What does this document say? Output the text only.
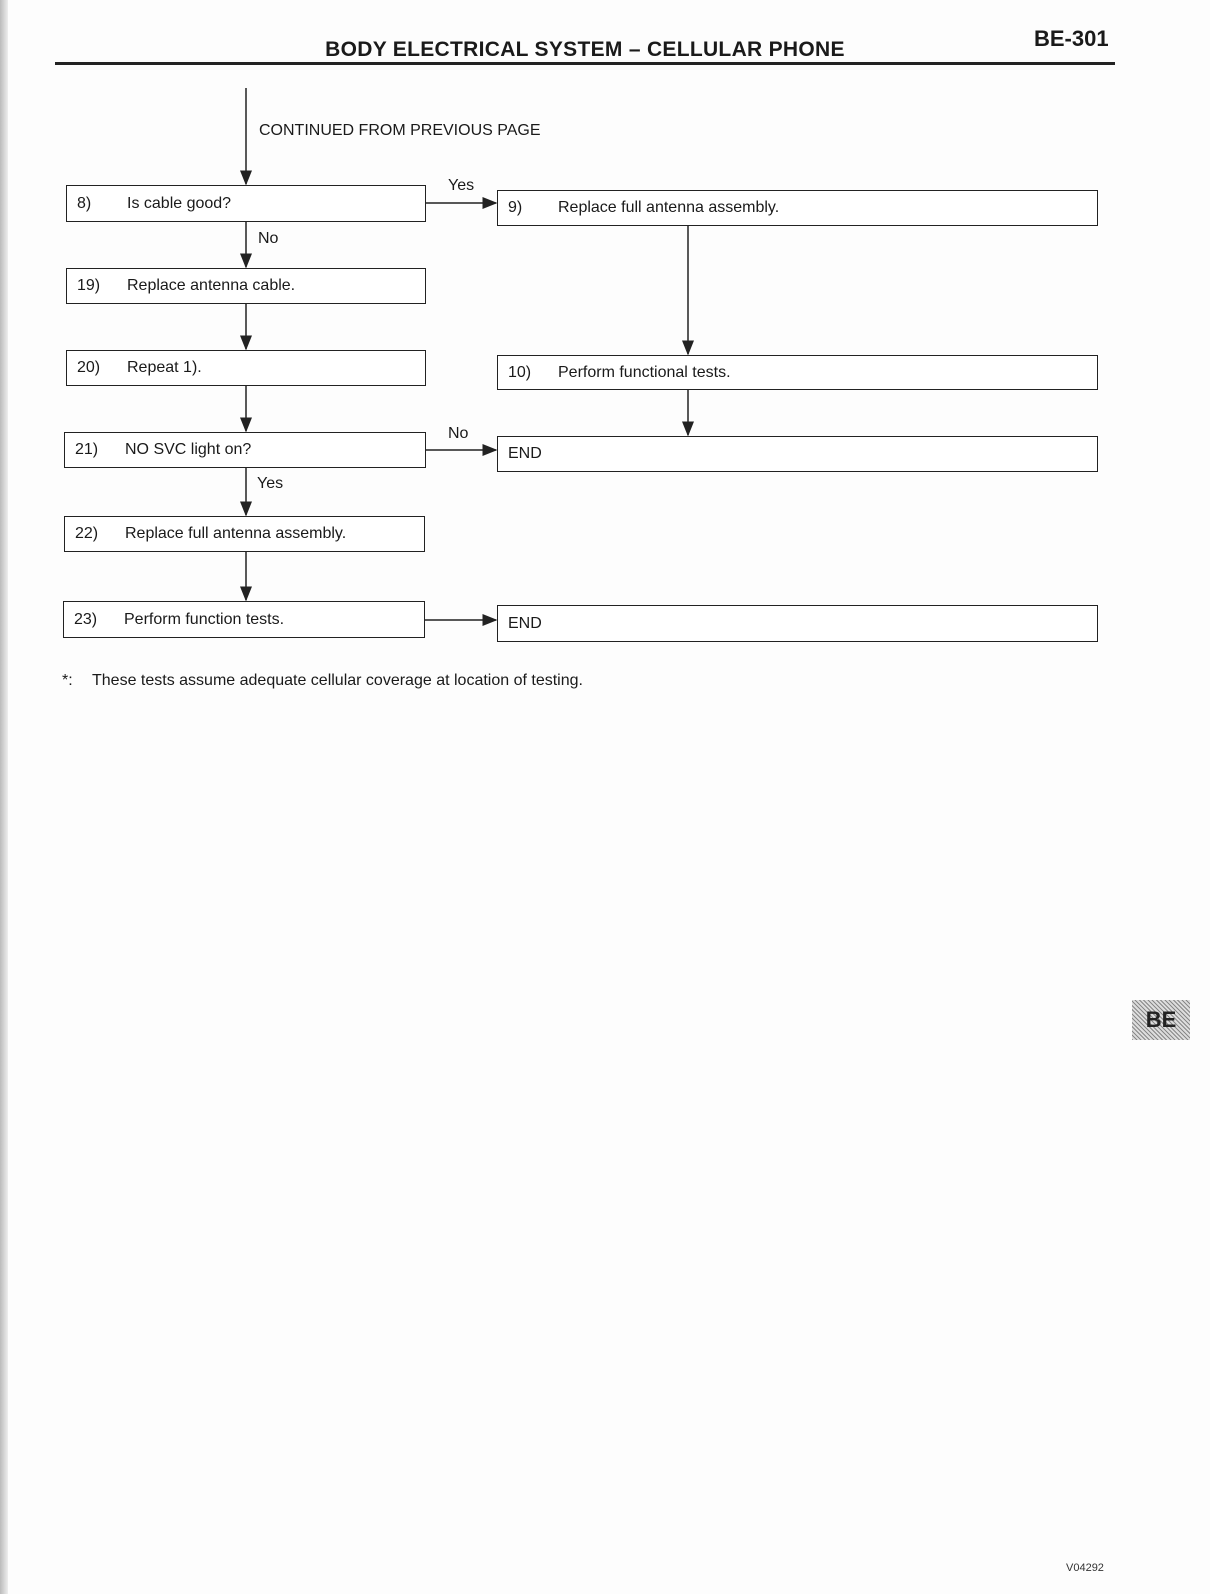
BODY ELECTRICAL SYSTEM – CELLULAR PHONE	BE-301
CONTINUED FROM PREVIOUS PAGE
8)	Is cable good?	9)	Replace full antenna assembly.
19)	Replace antenna cable.
20)	Repeat 1).	10)	Perform functional tests.
21)	NO SVC light on?	END
22)	Replace full antenna assembly.
23)	Perform function tests.	END
Yes
No
No
Yes
*: These tests assume adequate cellular coverage at location of testing.
BE
V04292
